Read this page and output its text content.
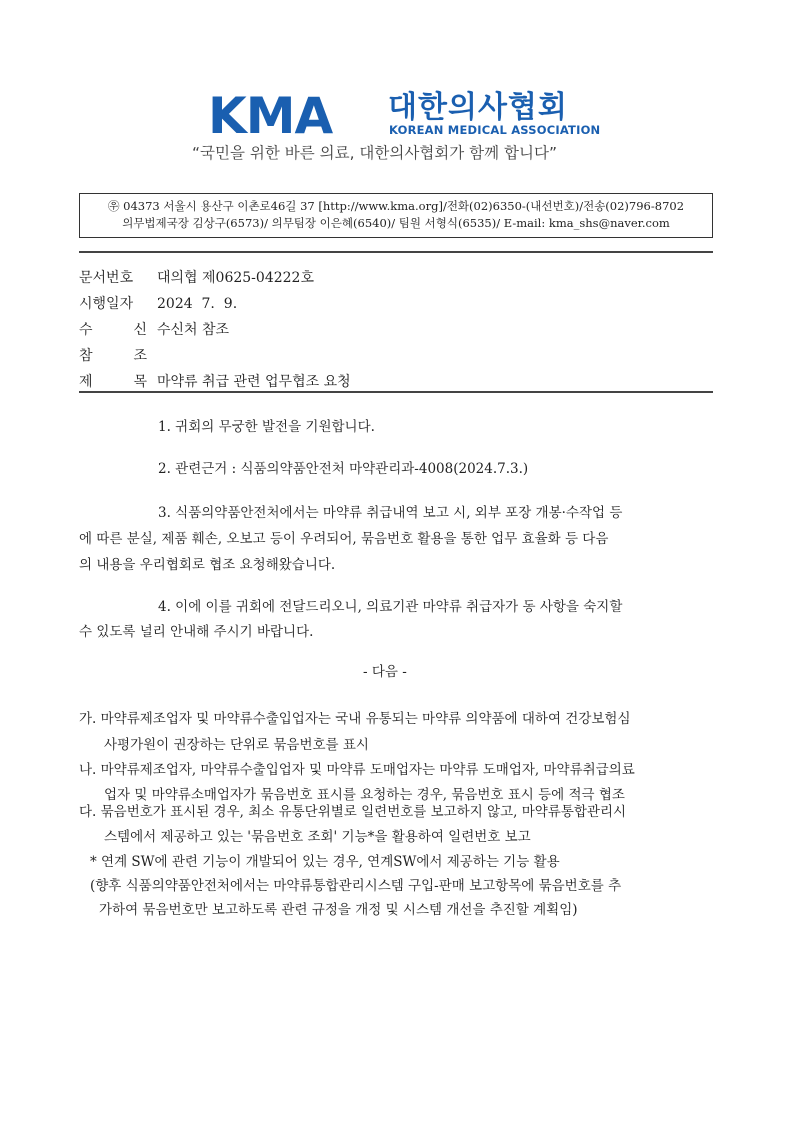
KMA 대한의사협회
KOREAN MEDICAL ASSOCIATION
“국민을 위한 바른 의료, 대한의사협회가 함께 합니다”
㉾ 04373 서울시 용산구 이촌로46길 37 [http://www.kma.org]/전화(02)6350-(내선번호)/전송(02)796-8702
의무법제국장 김상구(6573)/ 의무팀장 이은혜(6540)/ 팀원 서형식(6535)/ E-mail: kma_shs@naver.com
문서번호 대의협 제0625-04222호
시행일자 2024  7.  9.
수 신 수신처 참조
참 조
제 목 마약류 취급 관련 업무협조 요청
1. 귀회의 무궁한 발전을 기원합니다.
2. 관련근거 : 식품의약품안전처 마약관리과-4008(2024.7.3.)
3. 식품의약품안전처에서는 마약류 취급내역 보고 시, 외부 포장 개봉·수작업 등
에 따른 분실, 제품 훼손, 오보고 등이 우려되어, 묶음번호 활용을 통한 업무 효율화 등 다음
의 내용을 우리협회로 협조 요청해왔습니다.
4. 이에 이를 귀회에 전달드리오니, 의료기관 마약류 취급자가 동 사항을 숙지할
수 있도록 널리 안내해 주시기 바랍니다.
- 다음 -
가. 마약류제조업자 및 마약류수출입업자는 국내 유통되는 마약류 의약품에 대하여 건강보험심
사평가원이 권장하는 단위로 묶음번호를 표시
나. 마약류제조업자, 마약류수출입업자 및 마약류 도매업자는 마약류 도매업자, 마약류취급의료
업자 및 마약류소매업자가 묶음번호 표시를 요청하는 경우, 묶음번호 표시 등에 적극 협조
다. 묶음번호가 표시된 경우, 최소 유통단위별로 일련번호를 보고하지 않고, 마약류통합관리시
스템에서 제공하고 있는 '묶음번호 조회' 기능*을 활용하여 일련번호 보고
* 연계 SW에 관련 기능이 개발되어 있는 경우, 연계SW에서 제공하는 기능 활용
(향후 식품의약품안전처에서는 마약류통합관리시스템 구입-판매 보고항목에 묶음번호를 추
가하여 묶음번호만 보고하도록 관련 규정을 개정 및 시스템 개선을 추진할 계획임)
